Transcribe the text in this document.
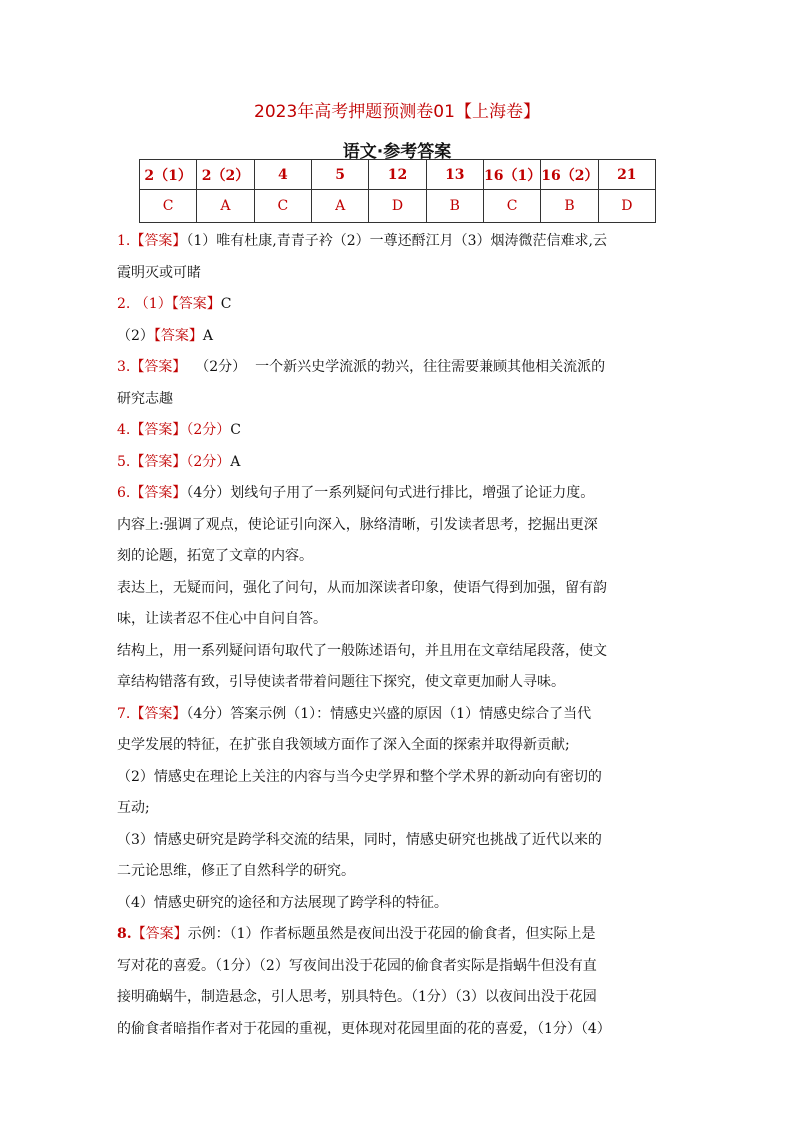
2023年高考押题预测卷01【上海卷】
语文·参考答案
2（1）	2（2）	4	5	12	13	16（1）	16（2）	21
C	A	C	A	D	B	C	B	D

1.【答案】（1）唯有杜康,青青子衿（2）一尊还酹江月（3）烟涛微茫信难求,云

霞明灭或可睹

2. （1）【答案】C

（2）【答案】A

3.【答案】  （2分）  一个新兴史学流派的勃兴，往往需要兼顾其他相关流派的

研究志趣

4.【答案】（2分）C

5.【答案】（2分）A

6.【答案】（4分）划线句子用了一系列疑问句式进行排比，增强了论证力度。

内容上:强调了观点，使论证引向深入，脉络清晰，引发读者思考，挖掘出更深

刻的论题，拓宽了文章的内容。

表达上，无疑而问，强化了问句，从而加深读者印象，使语气得到加强，留有韵

味，让读者忍不住心中自问自答。

结构上，用一系列疑问语句取代了一般陈述语句，并且用在文章结尾段落，使文

章结构错落有致，引导使读者带着问题往下探究，使文章更加耐人寻味。

7.【答案】（4分）答案示例（1）：情感史兴盛的原因（1）情感史综合了当代

史学发展的特征，在扩张自我领域方面作了深入全面的探索并取得新贡献;

（2）情感史在理论上关注的内容与当今史学界和整个学术界的新动向有密切的

互动;

（3）情感史研究是跨学科交流的结果，同时，情感史研究也挑战了近代以来的

二元论思维，修正了自然科学的研究。

（4）情感史研究的途径和方法展现了跨学科的特征。

8.【答案】示例：（1）作者标题虽然是夜间出没于花园的偷食者，但实际上是

写对花的喜爱。（1分）（2）写夜间出没于花园的偷食者实际是指蜗牛但没有直

接明确蜗牛，制造悬念，引人思考，别具特色。（1分）（3）以夜间出没于花园

的偷食者暗指作者对于花园的重视，更体现对花园里面的花的喜爱，（1分）（4）
